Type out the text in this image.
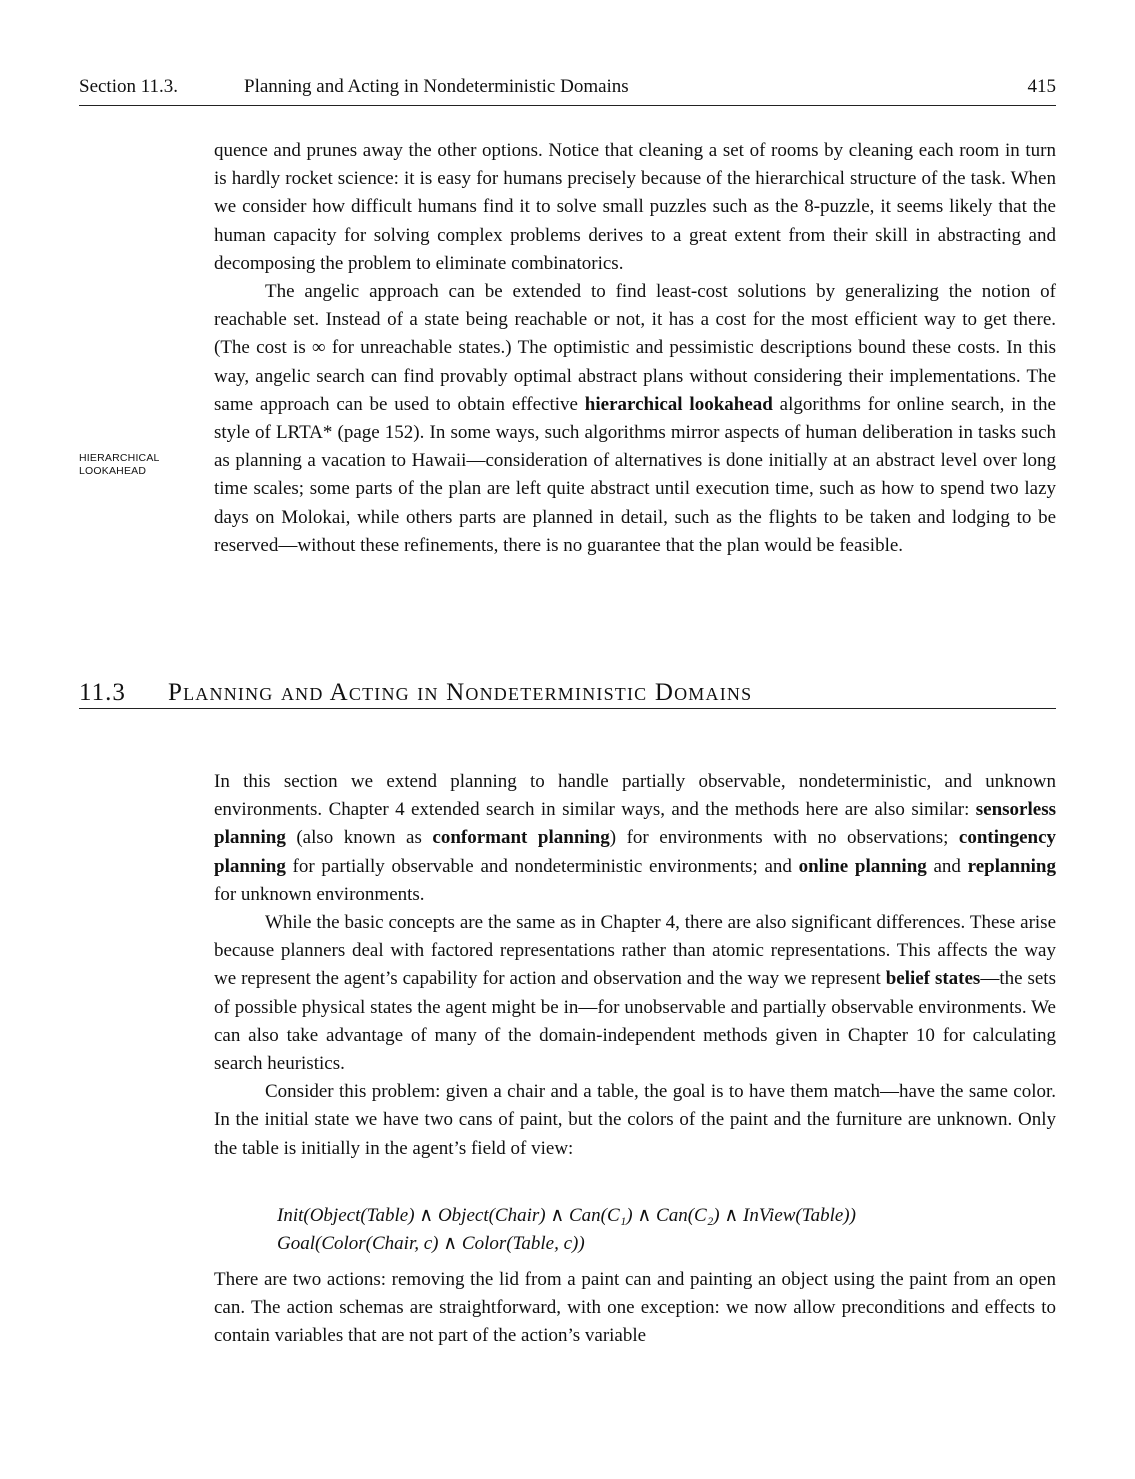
Section 11.3.	Planning and Acting in Nondeterministic Domains	415

quence and prunes away the other options. Notice that cleaning a set of rooms by cleaning each room in turn is hardly rocket science: it is easy for humans precisely because of the hierarchical structure of the task. When we consider how difficult humans find it to solve small puzzles such as the 8-puzzle, it seems likely that the human capacity for solving complex problems derives to a great extent from their skill in abstracting and decomposing the problem to eliminate combinatorics.

The angelic approach can be extended to find least-cost solutions by generalizing the notion of reachable set. Instead of a state being reachable or not, it has a cost for the most efficient way to get there. (The cost is ∞ for unreachable states.) The optimistic and pessimistic descriptions bound these costs. In this way, angelic search can find provably optimal abstract plans without considering their implementations. The same approach can be used to obtain effective hierarchical lookahead algorithms for online search, in the style of LRTA* (page 152). In some ways, such algorithms mirror aspects of human deliberation in tasks such as planning a vacation to Hawaii—consideration of alternatives is done initially at an abstract level over long time scales; some parts of the plan are left quite abstract until execution time, such as how to spend two lazy days on Molokai, while others parts are planned in detail, such as the flights to be taken and lodging to be reserved—without these refinements, there is no guarantee that the plan would be feasible.

HIERARCHICAL
LOOKAHEAD
11.3 Planning and Acting in Nondeterministic Domains

In this section we extend planning to handle partially observable, nondeterministic, and unknown environments. Chapter 4 extended search in similar ways, and the methods here are also similar: sensorless planning (also known as conformant planning) for environments with no observations; contingency planning for partially observable and nondeterministic environments; and online planning and replanning for unknown environments.

While the basic concepts are the same as in Chapter 4, there are also significant differences. These arise because planners deal with factored representations rather than atomic representations. This affects the way we represent the agent’s capability for action and observation and the way we represent belief states—the sets of possible physical states the agent might be in—for unobservable and partially observable environments. We can also take advantage of many of the domain-independent methods given in Chapter 10 for calculating search heuristics.

Consider this problem: given a chair and a table, the goal is to have them match—have the same color. In the initial state we have two cans of paint, but the colors of the paint and the furniture are unknown. Only the table is initially in the agent’s field of view:

Init(Object(Table) ∧ Object(Chair) ∧ Can(C₁) ∧ Can(C₂) ∧ InView(Table))
Goal(Color(Chair, c) ∧ Color(Table, c))

There are two actions: removing the lid from a paint can and painting an object using the paint from an open can. The action schemas are straightforward, with one exception: we now allow preconditions and effects to contain variables that are not part of the action’s variable
